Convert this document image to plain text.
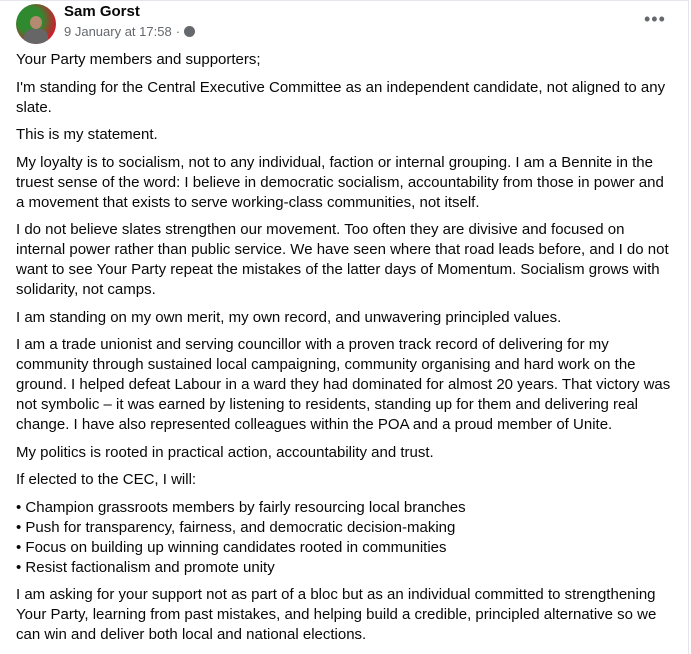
Sam Gorst
9 January at 17:58 ·
•••

Your Party members and supporters;

I'm standing for the Central Executive Committee as an independent candidate, not aligned to any slate.

This is my statement.

My loyalty is to socialism, not to any individual, faction or internal grouping. I am a Bennite in the truest sense of the word: I believe in democratic socialism, accountability from those in power and a movement that exists to serve working-class communities, not itself.

I do not believe slates strengthen our movement. Too often they are divisive and focused on internal power rather than public service. We have seen where that road leads before, and I do not want to see Your Party repeat the mistakes of the latter days of Momentum. Socialism grows with solidarity, not camps.

I am standing on my own merit, my own record, and unwavering principled values.

I am a trade unionist and serving councillor with a proven track record of delivering for my community through sustained local campaigning, community organising and hard work on the ground. I helped defeat Labour in a ward they had dominated for almost 20 years. That victory was not symbolic – it was earned by listening to residents, standing up for them and delivering real change. I have also represented colleagues within the POA and a proud member of Unite.

My politics is rooted in practical action, accountability and trust.

If elected to the CEC, I will:

• Champion grassroots members by fairly resourcing local branches
• Push for transparency, fairness, and democratic decision-making
• Focus on building up winning candidates rooted in communities
• Resist factionalism and promote unity

I am asking for your support not as part of a bloc but as an individual committed to strengthening Your Party, learning from past mistakes, and helping build a credible, principled alternative so we can win and deliver both local and national elections.
